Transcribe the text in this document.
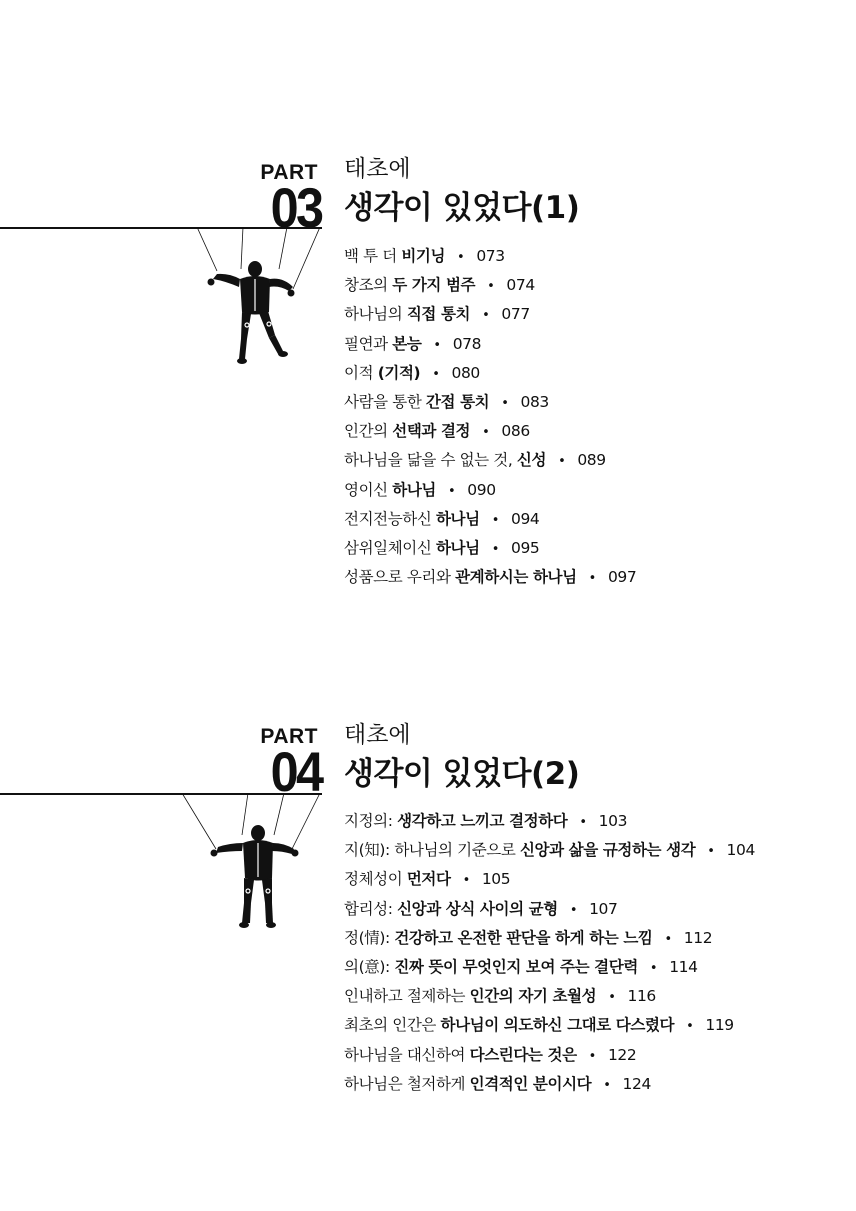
PART
03
태초에
생각이 있었다(1)
백 투 더 비기닝 • 073
창조의 두 가지 범주 • 074
하나님의 직접 통치 • 077
필연과 본능 • 078
이적 (기적) • 080
사람을 통한 간접 통치 • 083
인간의 선택과 결정 • 086
하나님을 닮을 수 없는 것, 신성 • 089
영이신 하나님 • 090
전지전능하신 하나님 • 094
삼위일체이신 하나님 • 095
성품으로 우리와 관계하시는 하나님 • 097
PART
04
태초에
생각이 있었다(2)
지정의: 생각하고 느끼고 결정하다 • 103
지(知): 하나님의 기준으로 신앙과 삶을 규정하는 생각 • 104
정체성이 먼저다 • 105
합리성: 신앙과 상식 사이의 균형 • 107
정(情): 건강하고 온전한 판단을 하게 하는 느낌 • 112
의(意): 진짜 뜻이 무엇인지 보여 주는 결단력 • 114
인내하고 절제하는 인간의 자기 초월성 • 116
최초의 인간은 하나님이 의도하신 그대로 다스렸다 • 119
하나님을 대신하여 다스린다는 것은 • 122
하나님은 철저하게 인격적인 분이시다 • 124
